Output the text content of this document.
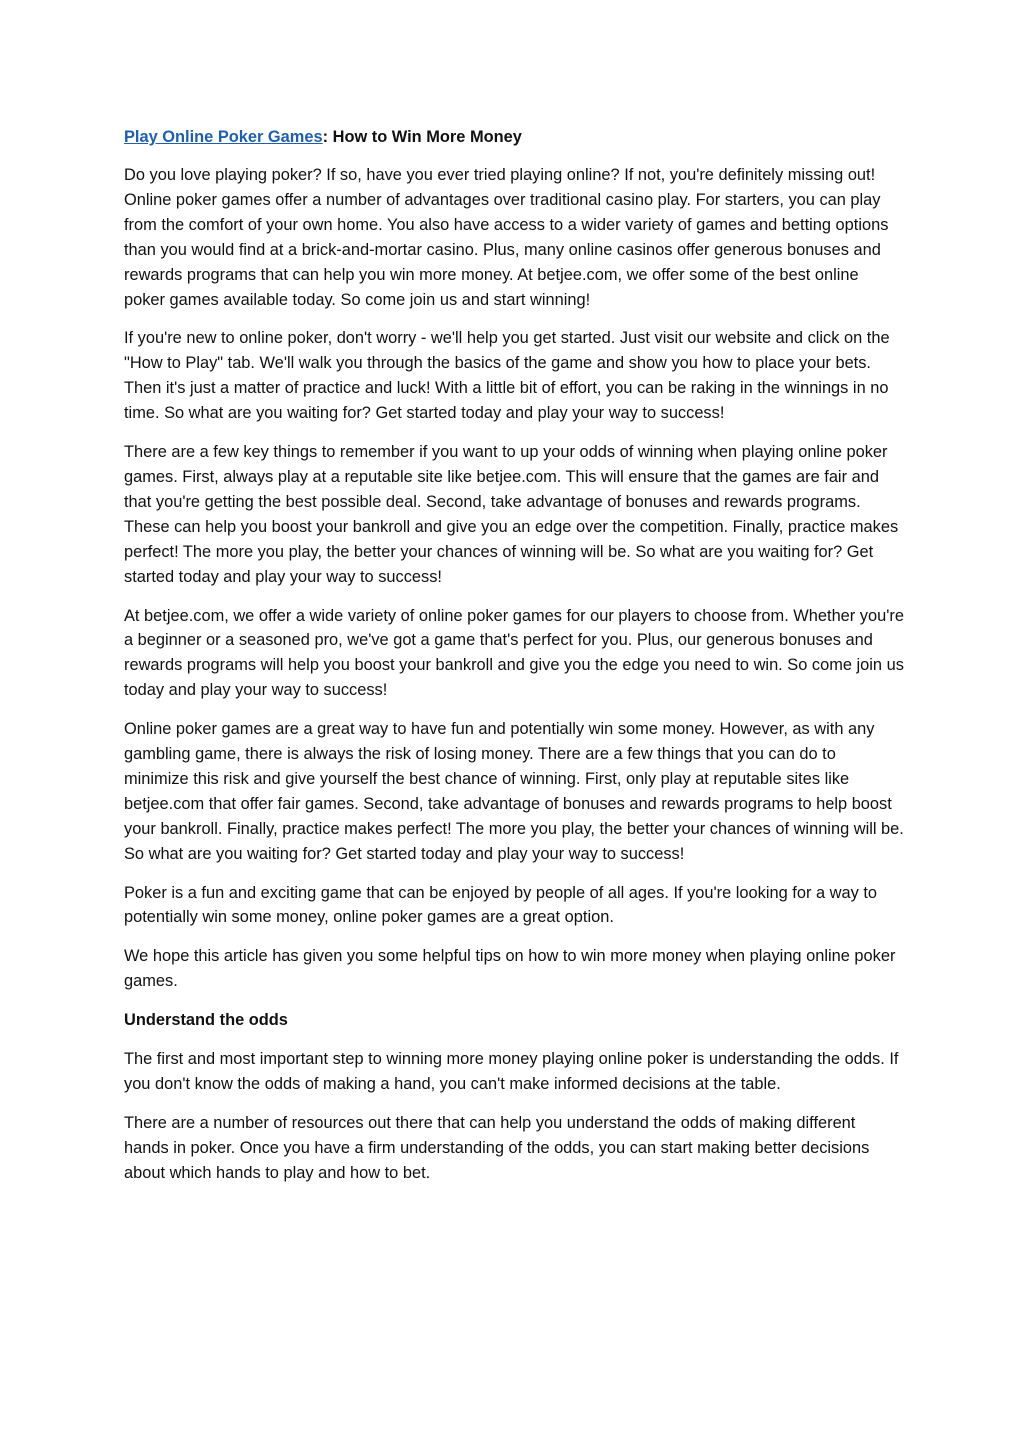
Play Online Poker Games: How to Win More Money

Do you love playing poker? If so, have you ever tried playing online? If not, you're definitely missing out! Online poker games offer a number of advantages over traditional casino play. For starters, you can play from the comfort of your own home. You also have access to a wider variety of games and betting options than you would find at a brick-and-mortar casino. Plus, many online casinos offer generous bonuses and rewards programs that can help you win more money. At betjee.com, we offer some of the best online poker games available today. So come join us and start winning!

If you're new to online poker, don't worry - we'll help you get started. Just visit our website and click on the "How to Play" tab. We'll walk you through the basics of the game and show you how to place your bets. Then it's just a matter of practice and luck! With a little bit of effort, you can be raking in the winnings in no time. So what are you waiting for? Get started today and play your way to success!

There are a few key things to remember if you want to up your odds of winning when playing online poker games. First, always play at a reputable site like betjee.com. This will ensure that the games are fair and that you're getting the best possible deal. Second, take advantage of bonuses and rewards programs. These can help you boost your bankroll and give you an edge over the competition. Finally, practice makes perfect! The more you play, the better your chances of winning will be. So what are you waiting for? Get started today and play your way to success!

At betjee.com, we offer a wide variety of online poker games for our players to choose from. Whether you're a beginner or a seasoned pro, we've got a game that's perfect for you. Plus, our generous bonuses and rewards programs will help you boost your bankroll and give you the edge you need to win. So come join us today and play your way to success!

Online poker games are a great way to have fun and potentially win some money. However, as with any gambling game, there is always the risk of losing money. There are a few things that you can do to minimize this risk and give yourself the best chance of winning. First, only play at reputable sites like betjee.com that offer fair games. Second, take advantage of bonuses and rewards programs to help boost your bankroll. Finally, practice makes perfect! The more you play, the better your chances of winning will be. So what are you waiting for? Get started today and play your way to success!

Poker is a fun and exciting game that can be enjoyed by people of all ages. If you're looking for a way to potentially win some money, online poker games are a great option.

We hope this article has given you some helpful tips on how to win more money when playing online poker games.

Understand the odds

The first and most important step to winning more money playing online poker is understanding the odds. If you don't know the odds of making a hand, you can't make informed decisions at the table.

There are a number of resources out there that can help you understand the odds of making different hands in poker. Once you have a firm understanding of the odds, you can start making better decisions about which hands to play and how to bet.
